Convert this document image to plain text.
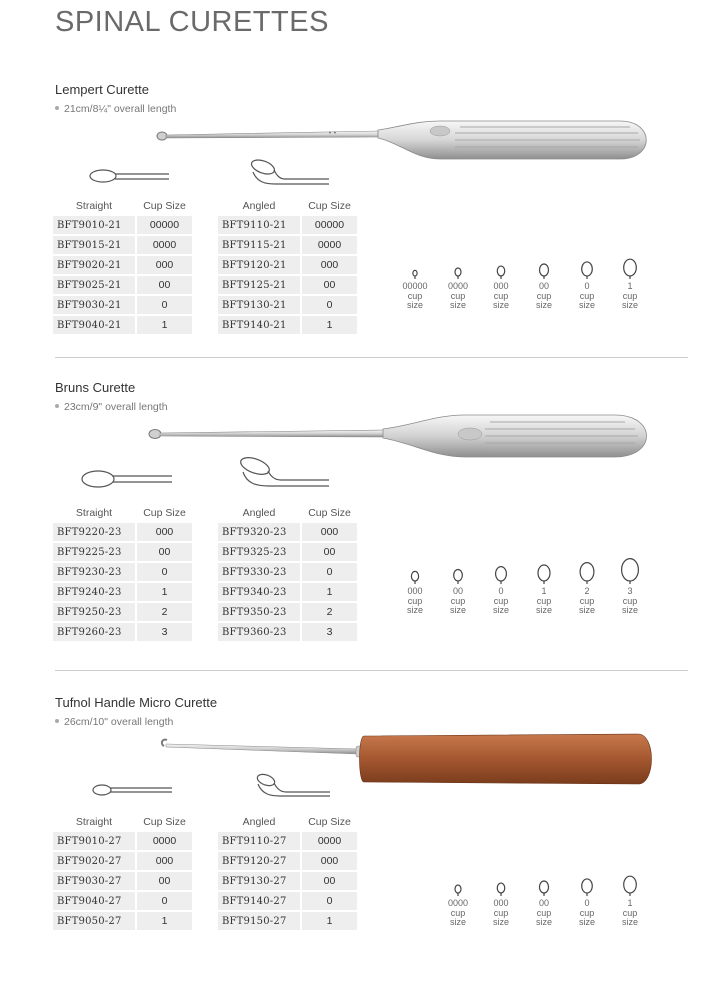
SPINAL CURETTES
Lempert Curette
21cm/8¼" overall length
Straight	Cup Size
BFT9010-21	00000
BFT9015-21	0000
BFT9020-21	000
BFT9025-21	00
BFT9030-21	0
BFT9040-21	1
Angled	Cup Size
BFT9110-21	00000
BFT9115-21	0000
BFT9120-21	000
BFT9125-21	00
BFT9130-21	0
BFT9140-21	1
00000
cup
size
0000
cup
size
000
cup
size
00
cup
size
0
cup
size
1
cup
size
Bruns Curette
23cm/9" overall length
Straight	Cup Size
BFT9220-23	000
BFT9225-23	00
BFT9230-23	0
BFT9240-23	1
BFT9250-23	2
BFT9260-23	3
Angled	Cup Size
BFT9320-23	000
BFT9325-23	00
BFT9330-23	0
BFT9340-23	1
BFT9350-23	2
BFT9360-23	3
000
cup
size
00
cup
size
0
cup
size
1
cup
size
2
cup
size
3
cup
size
Tufnol Handle Micro Curette
26cm/10" overall length
Straight	Cup Size
BFT9010-27	0000
BFT9020-27	000
BFT9030-27	00
BFT9040-27	0
BFT9050-27	1
Angled	Cup Size
BFT9110-27	0000
BFT9120-27	000
BFT9130-27	00
BFT9140-27	0
BFT9150-27	1
0000
cup
size
000
cup
size
00
cup
size
0
cup
size
1
cup
size
